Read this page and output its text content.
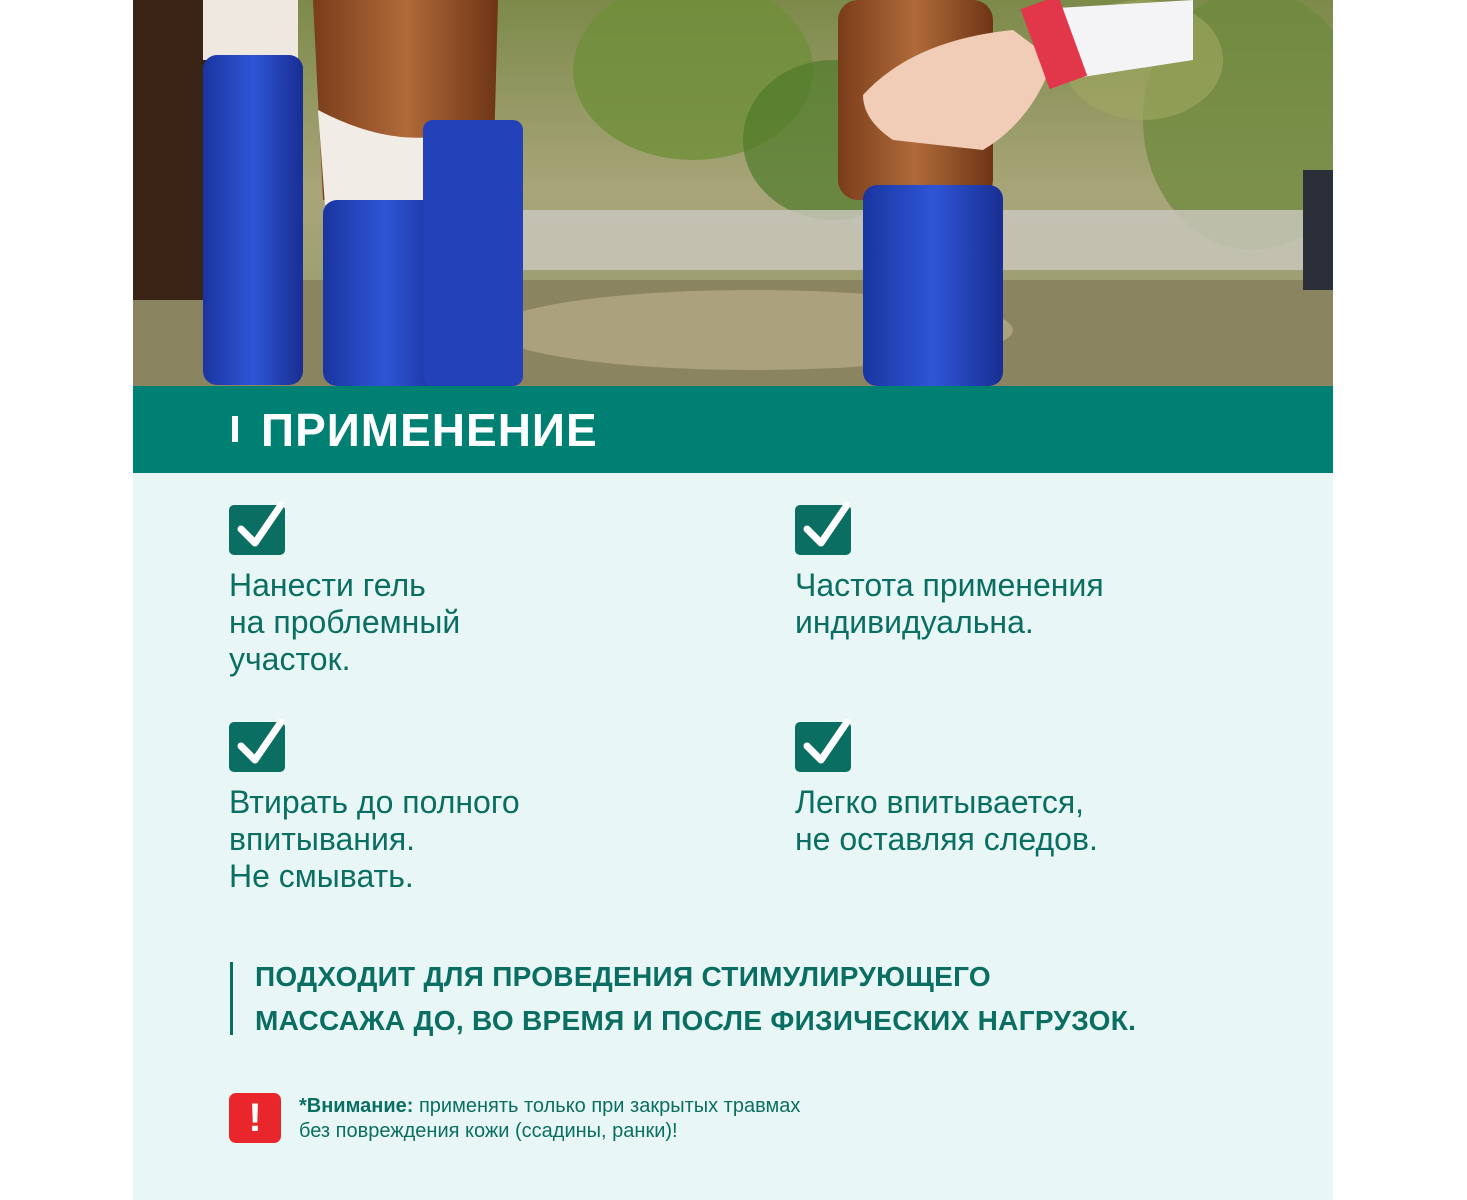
ПРИМЕНЕНИЕ
Нанести гель
на проблемный
участок.
Частота применения
индивидуальна.
Втирать до полного
впитывания.
Не смывать.
Легко впитывается,
не оставляя следов.
ПОДХОДИТ ДЛЯ ПРОВЕДЕНИЯ СТИМУЛИРУЮЩЕГО
МАССАЖА ДО, ВО ВРЕМЯ И ПОСЛЕ ФИЗИЧЕСКИХ НАГРУЗОК.
!	*Внимание: применять только при закрытых травмах
без повреждения кожи (ссадины, ранки)!
